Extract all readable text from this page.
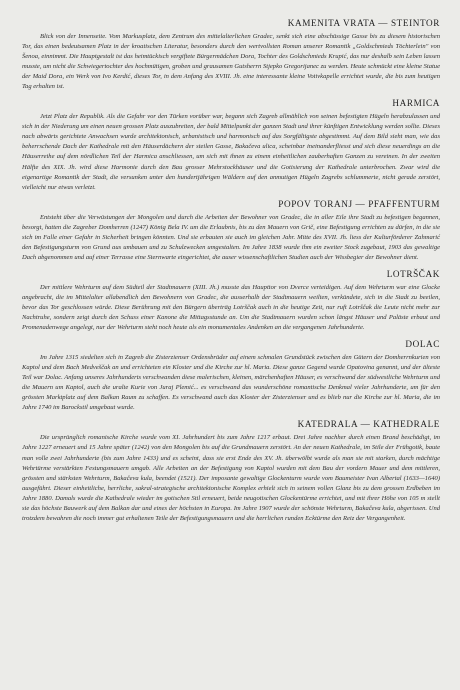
KAMENITA VRATA — STEINTOR

Blick von der Innenseite. Vom Markusplatz, dem Zentrum des mittelalterlichen Gradec, senkt sich eine abschüssige Gasse bis zu diesem historischen Tor, das einen bedeutsamen Platz in der kroatischen Literatur, besonders durch den wertvollsten Roman unserer Romantik „Goldschmieds Töchterlein" von Šenoa, einnimmt. Die Hauptgestalt ist das heimtückisch vergiftete Bürgermädchen Dora, Tochter des Goldschmieds Krupić, das nur deshalb sein Leben lassen musste, um nicht die Schwiegertochter des hochmütigen, groben und grausamen Gutsherrn Stjepko Gregorijanec zu werden. Heute schmückt eine kleine Statue der Maid Dora, ein Werk von Ivo Kerdić, dieses Tor, in dem Anfang des XVIII. Jh. eine interessante kleine Votivkapelle errichtet wurde, die bis zum heutigen Tag erhalten ist.

HARMICA

Jetzt Platz der Republik. Als die Gefahr vor den Türken vorüber war, begann sich Zagreb allmählich von seinen befestigten Hügeln herabzulassen und sich in der Niederung um einen neuen grossen Platz auszubreiten, der bald Mittelpunkt der ganzen Stadt und ihrer künftigen Entwicklung werden sollte. Dieses nach abwärts gerichtete Anwachsen wurde architektonisch, urbanistisch und harmonisch auf das Sorgfältigste abgestimmt. Auf dem Bild sieht man, wie das beherrschende Dach der Kathedrale mit den Häuserdächern der steilen Gasse, Bakačeva ulica, scheinbar ineinanderfliesst und sich diese neuerdings an die Häuserreihe auf dem nördlichen Teil der Harmica anschliessen, um sich mit ihnen zu einem einheitlichen zauberhaften Ganzen zu vereinen. In der zweiten Hälfte des XIX. Jh. wird diese Harmonie durch den Bau grosser Mehrstockhäuser und die Gotisierung der Kathedrale unterbrochen. Zwar wird die eigenartige Romantik der Stadt, die versunken unter den hundertjährigen Wäldern auf den anmutigen Hügeln Zagrebs schlummerte, nicht gerade zerstört, vielleicht nur etwas verletzt.

POPOV TORANJ — PFAFFENTURM

Entsteht über die Verwüstungen der Mongolen und durch die Arbeiten der Bewohner von Gradec, die in aller Eile ihre Stadt zu befestigen begannen, besorgt, hatten die Zagreber Domherren (1247) König Bela IV. um die Erlaubnis, bis zu den Mauern von Grič, eine Befestigung errichten zu dürfen, in die sie sich im Falle einer Gefahr in Sicherheit bringen könnten. Und sie erbauten sie auch im gleichen Jahr. Mitte des XVII. Jh. liess der Kulturförderer Zahmarić den Befestigungsturm von Grund aus umbauen und zu Schulzwecken umgestalten. Im Jahre 1838 wurde ihm ein zweiter Stock zugebaut, 1903 das gewaltige Dach abgenommen und auf einer Terrasse eine Sternwarte eingerichtet, die auser wissenschaftlichen Studien auch der Wissbegier der Bewohner dient.

LOTRŠČAK

Der mittlere Wehrturm auf dem Südteil der Stadtmauern (XIII. Jh.) musste das Haupttor von Dverce verteidigen. Auf dem Wehrturm war eine Glocke angebracht, die im Mittelalter allabendlich den Bewohnern von Gradec, die ausserhalb der Stadtmauern weilten, verkündete, sich in die Stadt zu beeilen, bevor das Tor geschlossen würde. Diese Berührung mit den Bürgern überträg Lotrščak auch in die heutige Zeit, nur ruft Lotrščak die Leute nicht mehr zur Nachtruhe, sondern zeigt durch den Schuss einer Kanone die Mittagsstunde an. Um die Stadtmauern wurden schon längst Häuser und Paläste erbaut und Promenadenwege angelegt, nur der Wehrturm steht noch heute als ein monumentales Andenken an die vergangenen Jahrhunderte.

DOLAC

Im Jahre 1315 siedelten sich in Zagreb die Zisterzienser Ordensbrüder auf einem schmalen Grundstück zwischen den Gütern der Domherrnkurien von Kaptol und dem Bach Medveščak an und errichteten ein Kloster und die Kirche zur hl. Maria. Diese ganze Gegend wurde Opatovina genannt, und der älteste Teil war Dolac. Anfang unseres Jahrhunderts verschwanden diese malerischen, kleinen, märchenhaften Häuser, es verschwand der südwestliche Wehrturm und die Mauern um Kaptol, auch die uralte Kurie von Juraj Plemić... es verschwand das wunderschöne romantische Denkmal vieler Jahrhunderte, um für den grössten Marktplatz auf dem Balkan Raum zu schaffen. Es verschwand auch das Kloster der Zisterzienser und es blieb nur die Kirche zur hl. Maria, die im Jahre 1740 im Barockstil umgebaut wurde.

KATEDRALA — KATHEDRALE

Die ursprünglich romanische Kirche wurde vom XI. Jahrhundert bis zum Jahre 1217 erbaut. Drei Jahre nachher durch einen Brand beschädigt, im Jahre 1227 erneuert und 15 Jahre später (1242) von den Mongolen bis auf die Grundmauern zerstört. An der neuen Kathedrale, im Stile der Frühgotik, baute man volle zwei Jahrhunderte (bis zum Jahre 1433) und es scheint, dass sie erst Ende des XV. Jh. überwölbt wurde als man sie mit starken, durch mächtige Wehrtürme verstärkten Festungsmauern umgab. Alle Arbeiten an der Befestigung von Kaptol wurden mit dem Bau der vordern Mauer und dem mittleren, grössten und stärksten Wehrturm, Bakačeva kula, beendet (1521). Der imposante gewaltige Glockenturm wurde vom Baumeister Ivan Albertal (1633—1640) ausgeführt. Dieser einheitliche, herrliche, sakral-strategische architektonische Komplex erhielt sich in seinem vollen Glanz bis zu dem grossen Erdbeben im Jahre 1880. Damals wurde die Kathedrale wieder im gotischen Stil erneuert, beide neugotischen Glockentürme errichtet, und mit ihrer Höhe von 105 m stellt sie das höchste Bauwerk auf dem Balkan dar und eines der höchsten in Europa. Im Jahre 1907 wurde der schönste Wehrturm, Bakačeva kula, abgerissen. Und trotzdem bewahren die noch immer gut erhaltenen Teile der Befestigungsmauern und die herrlichen runden Ecktürme den Reiz der Vergangenheit.
